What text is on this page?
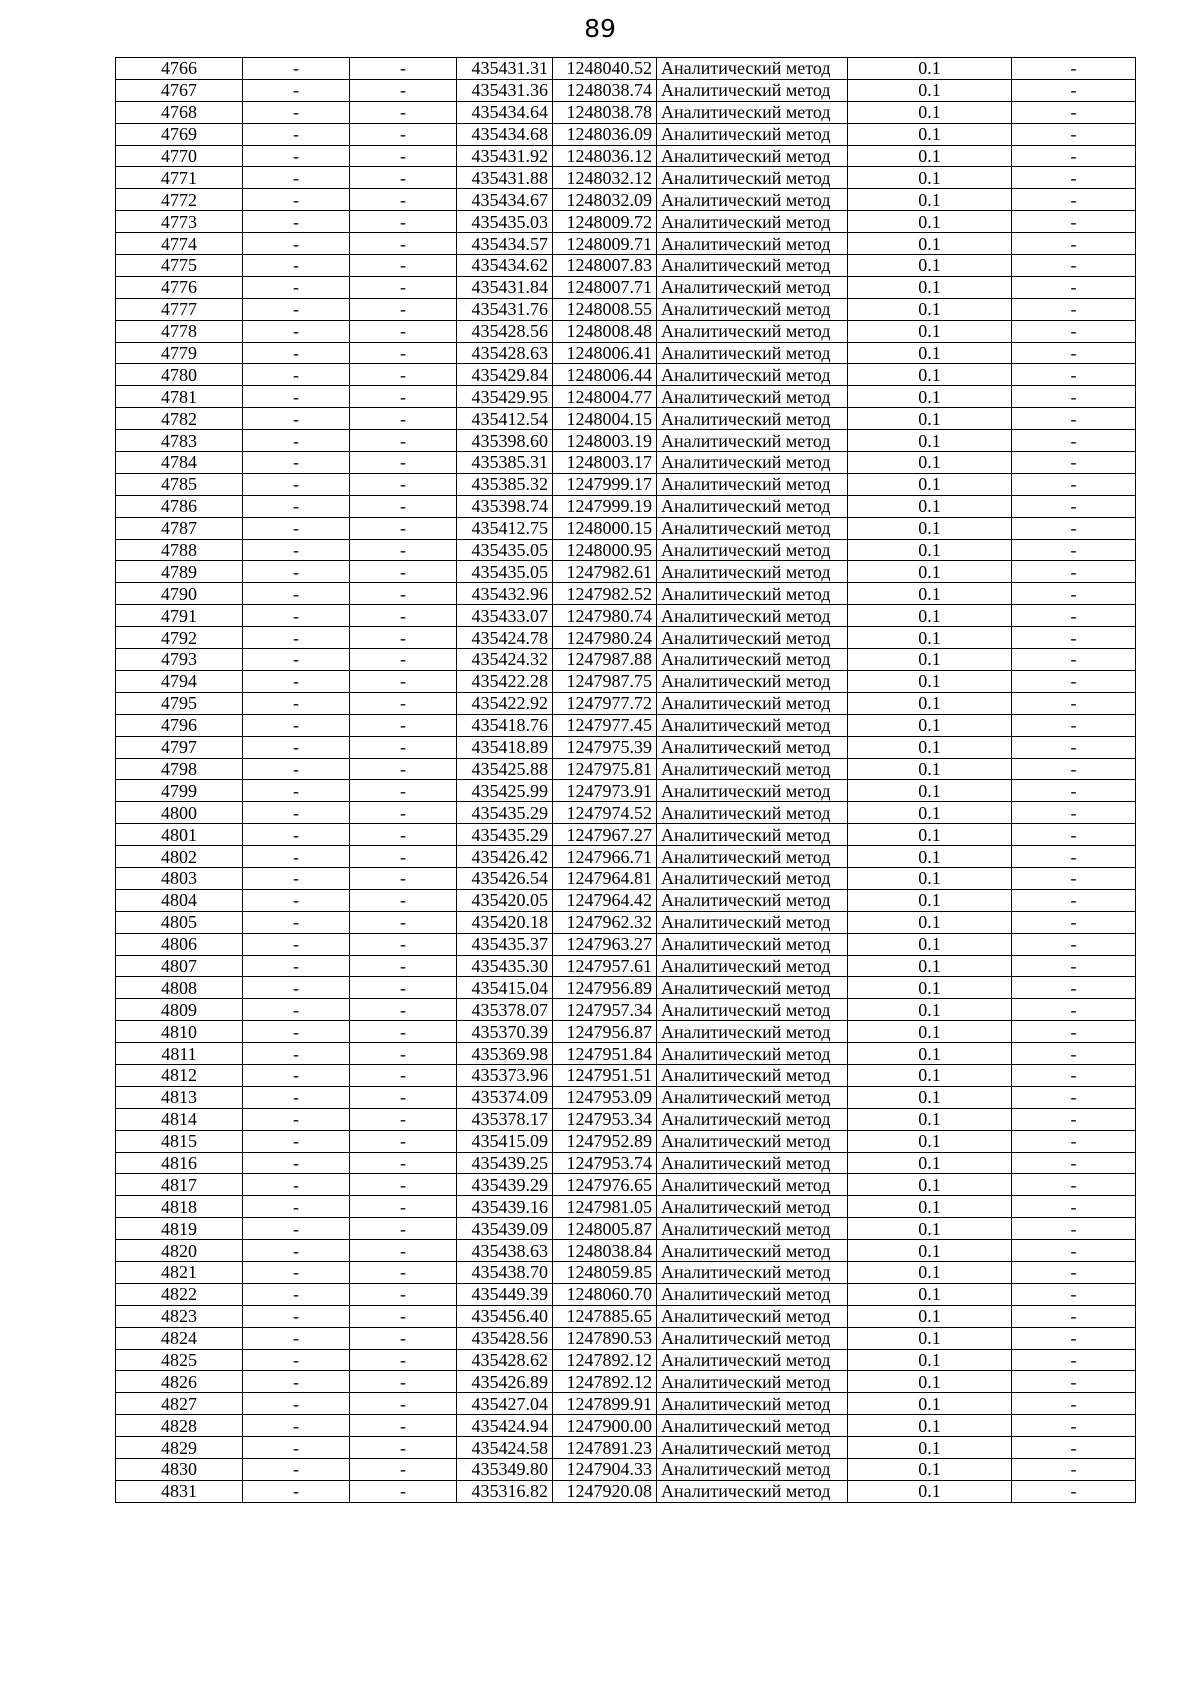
89
4766	-	-	435431.31	1248040.52	Аналитический метод	0.1	-
4767	-	-	435431.36	1248038.74	Аналитический метод	0.1	-
4768	-	-	435434.64	1248038.78	Аналитический метод	0.1	-
4769	-	-	435434.68	1248036.09	Аналитический метод	0.1	-
4770	-	-	435431.92	1248036.12	Аналитический метод	0.1	-
4771	-	-	435431.88	1248032.12	Аналитический метод	0.1	-
4772	-	-	435434.67	1248032.09	Аналитический метод	0.1	-
4773	-	-	435435.03	1248009.72	Аналитический метод	0.1	-
4774	-	-	435434.57	1248009.71	Аналитический метод	0.1	-
4775	-	-	435434.62	1248007.83	Аналитический метод	0.1	-
4776	-	-	435431.84	1248007.71	Аналитический метод	0.1	-
4777	-	-	435431.76	1248008.55	Аналитический метод	0.1	-
4778	-	-	435428.56	1248008.48	Аналитический метод	0.1	-
4779	-	-	435428.63	1248006.41	Аналитический метод	0.1	-
4780	-	-	435429.84	1248006.44	Аналитический метод	0.1	-
4781	-	-	435429.95	1248004.77	Аналитический метод	0.1	-
4782	-	-	435412.54	1248004.15	Аналитический метод	0.1	-
4783	-	-	435398.60	1248003.19	Аналитический метод	0.1	-
4784	-	-	435385.31	1248003.17	Аналитический метод	0.1	-
4785	-	-	435385.32	1247999.17	Аналитический метод	0.1	-
4786	-	-	435398.74	1247999.19	Аналитический метод	0.1	-
4787	-	-	435412.75	1248000.15	Аналитический метод	0.1	-
4788	-	-	435435.05	1248000.95	Аналитический метод	0.1	-
4789	-	-	435435.05	1247982.61	Аналитический метод	0.1	-
4790	-	-	435432.96	1247982.52	Аналитический метод	0.1	-
4791	-	-	435433.07	1247980.74	Аналитический метод	0.1	-
4792	-	-	435424.78	1247980.24	Аналитический метод	0.1	-
4793	-	-	435424.32	1247987.88	Аналитический метод	0.1	-
4794	-	-	435422.28	1247987.75	Аналитический метод	0.1	-
4795	-	-	435422.92	1247977.72	Аналитический метод	0.1	-
4796	-	-	435418.76	1247977.45	Аналитический метод	0.1	-
4797	-	-	435418.89	1247975.39	Аналитический метод	0.1	-
4798	-	-	435425.88	1247975.81	Аналитический метод	0.1	-
4799	-	-	435425.99	1247973.91	Аналитический метод	0.1	-
4800	-	-	435435.29	1247974.52	Аналитический метод	0.1	-
4801	-	-	435435.29	1247967.27	Аналитический метод	0.1	-
4802	-	-	435426.42	1247966.71	Аналитический метод	0.1	-
4803	-	-	435426.54	1247964.81	Аналитический метод	0.1	-
4804	-	-	435420.05	1247964.42	Аналитический метод	0.1	-
4805	-	-	435420.18	1247962.32	Аналитический метод	0.1	-
4806	-	-	435435.37	1247963.27	Аналитический метод	0.1	-
4807	-	-	435435.30	1247957.61	Аналитический метод	0.1	-
4808	-	-	435415.04	1247956.89	Аналитический метод	0.1	-
4809	-	-	435378.07	1247957.34	Аналитический метод	0.1	-
4810	-	-	435370.39	1247956.87	Аналитический метод	0.1	-
4811	-	-	435369.98	1247951.84	Аналитический метод	0.1	-
4812	-	-	435373.96	1247951.51	Аналитический метод	0.1	-
4813	-	-	435374.09	1247953.09	Аналитический метод	0.1	-
4814	-	-	435378.17	1247953.34	Аналитический метод	0.1	-
4815	-	-	435415.09	1247952.89	Аналитический метод	0.1	-
4816	-	-	435439.25	1247953.74	Аналитический метод	0.1	-
4817	-	-	435439.29	1247976.65	Аналитический метод	0.1	-
4818	-	-	435439.16	1247981.05	Аналитический метод	0.1	-
4819	-	-	435439.09	1248005.87	Аналитический метод	0.1	-
4820	-	-	435438.63	1248038.84	Аналитический метод	0.1	-
4821	-	-	435438.70	1248059.85	Аналитический метод	0.1	-
4822	-	-	435449.39	1248060.70	Аналитический метод	0.1	-
4823	-	-	435456.40	1247885.65	Аналитический метод	0.1	-
4824	-	-	435428.56	1247890.53	Аналитический метод	0.1	-
4825	-	-	435428.62	1247892.12	Аналитический метод	0.1	-
4826	-	-	435426.89	1247892.12	Аналитический метод	0.1	-
4827	-	-	435427.04	1247899.91	Аналитический метод	0.1	-
4828	-	-	435424.94	1247900.00	Аналитический метод	0.1	-
4829	-	-	435424.58	1247891.23	Аналитический метод	0.1	-
4830	-	-	435349.80	1247904.33	Аналитический метод	0.1	-
4831	-	-	435316.82	1247920.08	Аналитический метод	0.1	-
